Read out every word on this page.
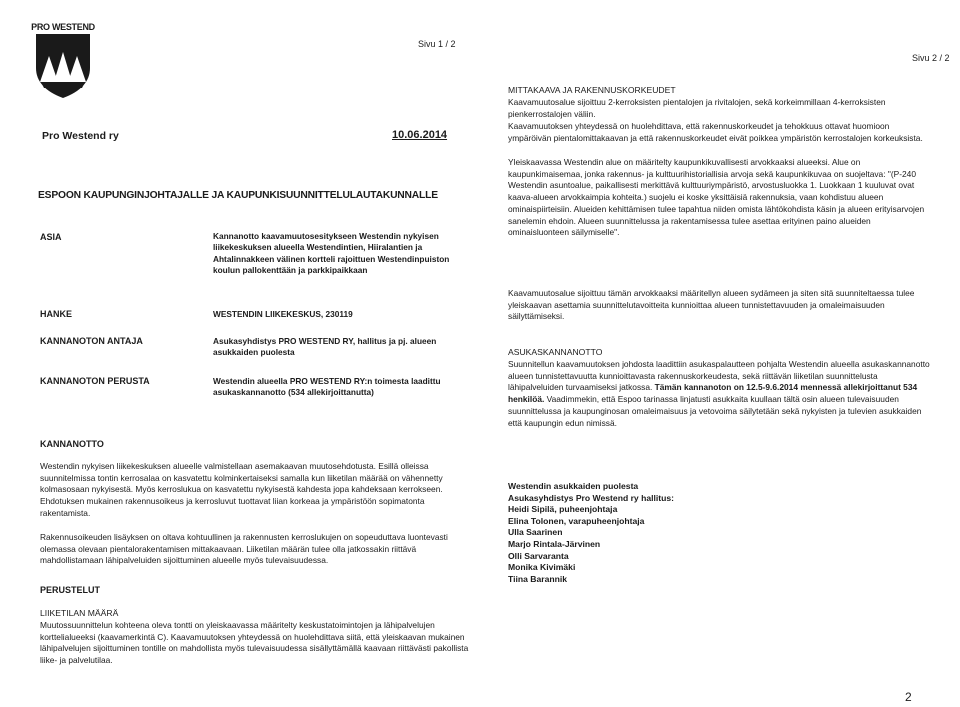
PRO WESTEND
Sivu 1 / 2
Pro Westend ry	10.06.2014
ESPOON KAUPUNGINJOHTAJALLE JA KAUPUNKISUUNNITTELULAUTAKUNNALLE
ASIA	Kannanotto kaavamuutosesitykseen Westendin nykyisen liikekeskuksen alueella Westendintien, Hiiralantien ja Ahtalinnakkeen välinen kortteli rajoittuen Westendinpuiston koulun pallokenttään ja parkkipaikkaan
HANKE	WESTENDIN LIIKEKESKUS, 230119
KANNANOTON ANTAJA	Asukasyhdistys PRO WESTEND RY, hallitus ja pj. alueen asukkaiden puolesta
KANNANOTON PERUSTA	Westendin alueella PRO WESTEND RY:n toimesta laadittu asukaskannanotto (534 allekirjoittanutta)
KANNANOTTO
Westendin nykyisen liikekeskuksen alueelle valmistellaan asemakaavan muutosehdotusta. Esillä olleissa suunnitelmissa tontin kerrosalaa on kasvatettu kolminkertaiseksi samalla kun liiketilan määrää on vähennetty kolmasosaan nykyisestä. Myös kerroslukua on kasvatettu nykyisestä kahdesta jopa kahdeksaan kerrokseen. Ehdotuksen mukainen rakennusoikeus ja kerrosluvut tuottavat liian korkeaa ja ympäristöön sopimatonta rakentamista.
Rakennusoikeuden lisäyksen on oltava kohtuullinen ja rakennusten kerroslukujen on sopeuduttava luontevasti olemassa olevaan pientalorakentamisen mittakaavaan. Liiketilan määrän tulee olla jatkossakin riittävä mahdollistamaan lähipalveluiden sijoittuminen alueelle myös tulevaisuudessa.
PERUSTELUT
LIIKETILAN MÄÄRÄ
Muutossuunnittelun kohteena oleva tontti on yleiskaavassa määritelty keskustatoimintojen ja lähipalvelujen korttelialueeksi (kaavamerkintä C). Kaavamuutoksen yhteydessä on huolehdittava siitä, että yleiskaavan mukainen lähipalvelujen sijoittuminen tontille on mahdollista myös tulevaisuudessa sisällyttämällä kaavaan riittävästi pakollista liike- ja palvelutilaa.
Sivu 2 / 2
MITTAKAAVA JA RAKENNUSKORKEUDET
Kaavamuutosalue sijoittuu 2-kerroksisten pientalojen ja rivitalojen, sekä korkeimmillaan 4-kerroksisten pienkerrostalojen väliin.
Kaavamuutoksen yhteydessä on huolehdittava, että rakennuskorkeudet ja tehokkuus ottavat huomioon ympäröivän pientalomittakaavan ja että rakennuskorkeudet eivät poikkea ympäristön kerrostalojen korkeuksista.
Yleiskaavassa Westendin alue on määritelty kaupunkikuvallisesti arvokkaaksi alueeksi. Alue on kaupunkimaisemaa, jonka rakennus- ja kulttuurihistoriallisia arvoja sekä kaupunkikuvaa on suojeltava: "(P-240 Westendin asuntoalue, paikallisesti merkittävä kulttuuriympäristö, arvostusluokka 1. Luokkaan 1 kuuluvat ovat kaava-alueen arvokkaimpia kohteita.) suojelu ei koske yksittäisiä rakennuksia, vaan kohdistuu alueen ominaispiirteisiin. Alueiden kehittämisen tulee tapahtua niiden omista lähtökohdista käsin ja alueen erityisarvojen sanelemin ehdoin. Alueen suunnittelussa ja rakentamisessa tulee asettaa erityinen paino alueiden ominaisluonteen säilymiselle".
Kaavamuutosalue sijoittuu tämän arvokkaaksi määritellyn alueen sydämeen ja siten sitä suunniteltaessa tulee yleiskaavan asettamia suunnittelutavoitteita kunnioittaa alueen tunnistettavuuden ja omaleimaisuuden säilyttämiseksi.
ASUKASKANNANOTTO
Suunnitellun kaavamuutoksen johdosta laadittiin asukaspalautteen pohjalta Westendin alueella asukaskannanotto alueen tunnistettavuutta kunnioittavasta rakennuskorkeudesta, sekä riittävän liiketilan suunnittelusta lähipalveluiden turvaamiseksi jatkossa. Tämän kannanoton on 12.5-9.6.2014 mennessä allekirjoittanut 534 henkilöä. Vaadimmekin, että Espoo tarinassa linjatusti asukkaita kuullaan tältä osin alueen tulevaisuuden suunnittelussa ja kaupunginosan omaleimaisuus ja vetovoima säilytetään sekä nykyisten ja tulevien asukkaiden että kaupungin edun nimissä.
Westendin asukkaiden puolesta
Asukasyhdistys Pro Westend ry hallitus:
Heidi Sipilä, puheenjohtaja
Elina Tolonen, varapuheenjohtaja
Ulla Saarinen
Marjo Rintala-Järvinen
Olli Sarvaranta
Monika Kivimäki
Tiina Barannik
2
